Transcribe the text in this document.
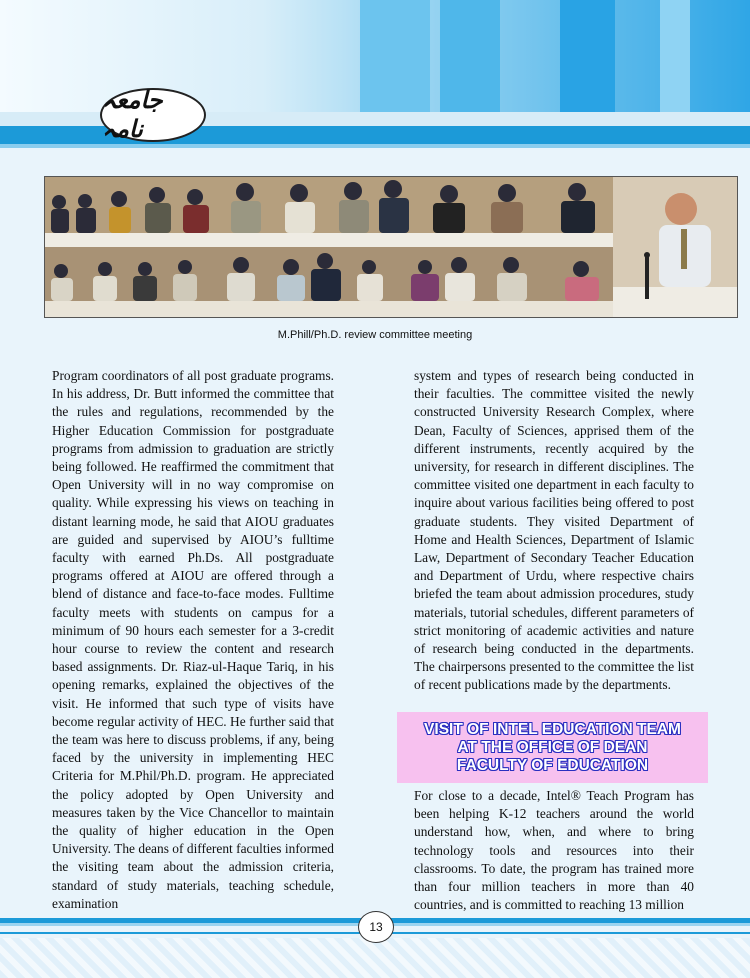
جامعہ نامہ
M.Phill/Ph.D. review committee meeting
Program coordinators of all post graduate programs. In his address, Dr. Butt informed the committee that the rules and regulations, recommended by the Higher Education Commission for postgraduate programs from admission to graduation are strictly being followed. He reaffirmed the commitment that Open University will in no way compromise on quality. While expressing his views on teaching in distant learning mode, he said that AIOU graduates are guided and supervised by AIOU’s fulltime faculty with earned Ph.Ds. All postgraduate programs offered at AIOU are offered through a blend of distance and face-to-face modes. Fulltime faculty meets with students on campus for a minimum of 90 hours each semester for a 3-credit hour course to review the content and research based assignments. Dr. Riaz-ul-Haque Tariq, in his opening remarks, explained the objectives of the visit. He informed that such type of visits have become regular activity of HEC. He further said that the team was here to discuss problems, if any, being faced by the university in implementing HEC Criteria for M.Phil/Ph.D. program. He appreciated the policy adopted by Open University and measures taken by the Vice Chancellor to maintain the quality of higher education in the Open University. The deans of different faculties informed the visiting team about the admission criteria, standard of study materials, teaching schedule, examination
system and types of research being conducted in their faculties. The committee visited the newly constructed University Research Complex, where Dean, Faculty of Sciences, apprised them of the different instruments, recently acquired by the university, for research in different disciplines. The committee visited one department in each faculty to inquire about various facilities being offered to post graduate students. They visited Department of Home and Health Sciences, Department of Islamic Law, Department of Secondary Teacher Education and Department of Urdu, where respective chairs briefed the team about admission procedures, study materials, tutorial schedules, different parameters of strict monitoring of academic activities and nature of research being conducted in the departments. The chairpersons presented to the committee the list of recent publications made by the departments.
VISIT OF INTEL EDUCATION TEAM AT THE OFFICE OF DEAN FACULTY OF EDUCATION
For close to a decade, Intel® Teach Program has been helping K-12 teachers around the world understand how, when, and where to bring technology tools and resources into their classrooms. To date, the program has trained more than four million teachers in more than 40 countries, and is committed to reaching 13 million
13
